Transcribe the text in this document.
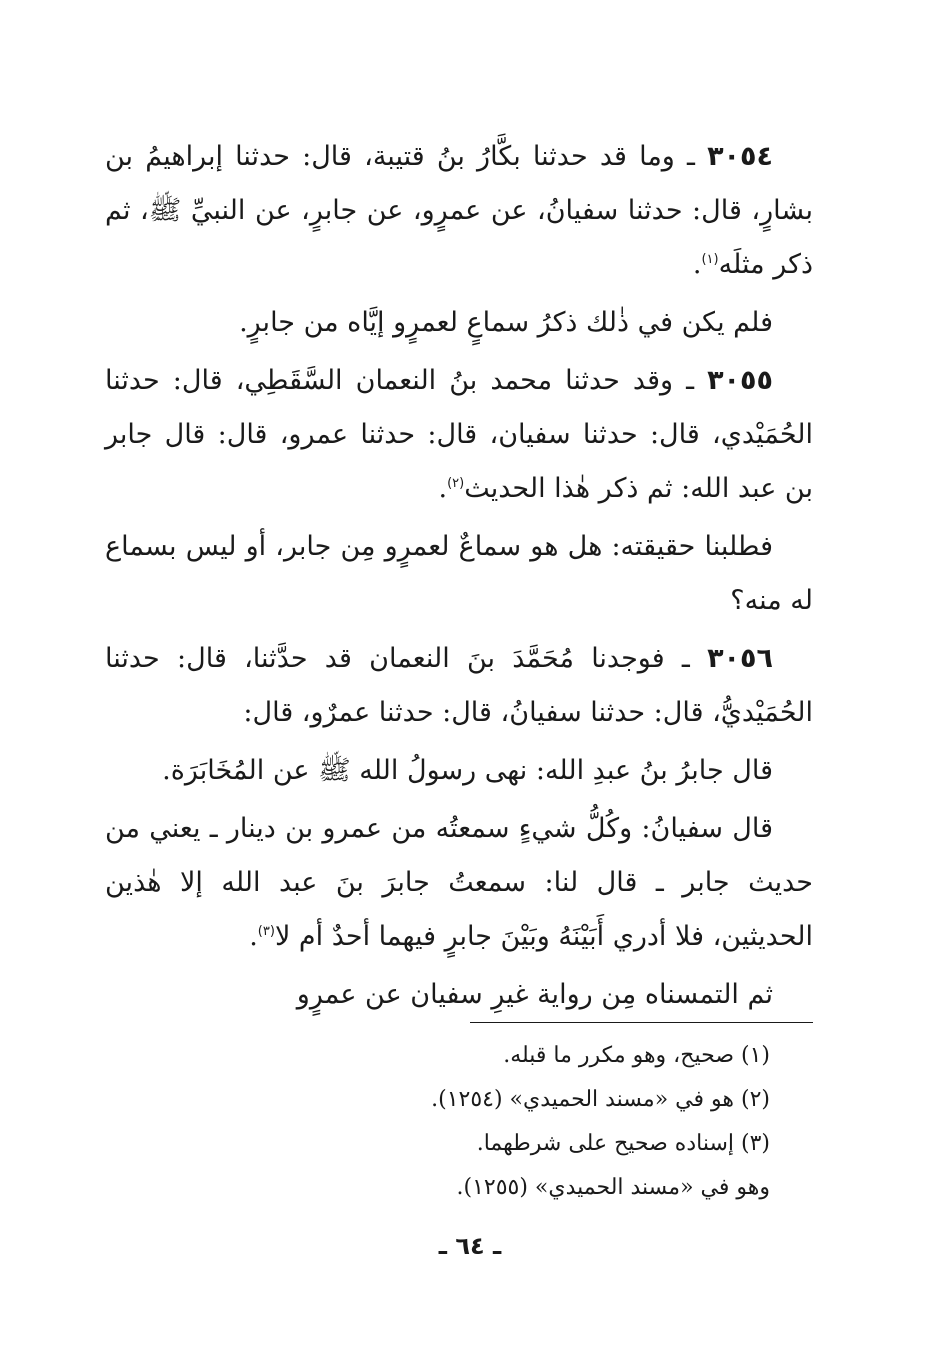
٣٠٥٤ ـ وما قد حدثنا بكَّارُ بنُ قتيبة، قال: حدثنا إبراهيمُ بن بشارٍ، قال: حدثنا سفيانُ، عن عمرٍو، عن جابرٍ، عن النبيِّ ﷺ، ثم ذكر مثلَه$^{(١)}$.

فلم يكن في ذٰلك ذكرُ سماعٍ لعمرٍو إيَّاه من جابرٍ.

٣٠٥٥ ـ وقد حدثنا محمد بنُ النعمان السَّقَطِي، قال: حدثنا الحُمَيْدي، قال: حدثنا سفيان، قال: حدثنا عمرو، قال: قال جابر بن عبد الله: ثم ذكر هٰذا الحديث$^{(٢)}$.

فطلبنا حقيقته: هل هو سماعٌ لعمرٍو مِن جابر، أو ليس بسماع له منه؟

٣٠٥٦ ـ فوجدنا مُحَمَّدَ بنَ النعمان قد حدَّثنا، قال: حدثنا الحُمَيْديُّ، قال: حدثنا سفيانُ، قال: حدثنا عمرٌو، قال:

قال جابرُ بنُ عبدِ الله: نهى رسولُ الله ﷺ عن المُخَابَرَة.

قال سفيانُ: وكُلُّ شيءٍ سمعتُه من عمرو بن دينار ـ يعني من حديث جابر ـ قال لنا: سمعتُ جابرَ بنَ عبد الله إلا هٰذين الحديثين، فلا أدري أَبَيْنَهُ وبَيْنَ جابرٍ فيهما أحدٌ أم لا$^{(٣)}$.

ثم التمسناه مِن رواية غيرِ سفيان عن عمرٍو

(١) صحيح، وهو مكرر ما قبله.

(٢) هو في «مسند الحميدي» (١٢٥٤).

(٣) إسناده صحيح على شرطهما.

وهو في «مسند الحميدي» (١٢٥٥).

ـ ٦٤ ـ
